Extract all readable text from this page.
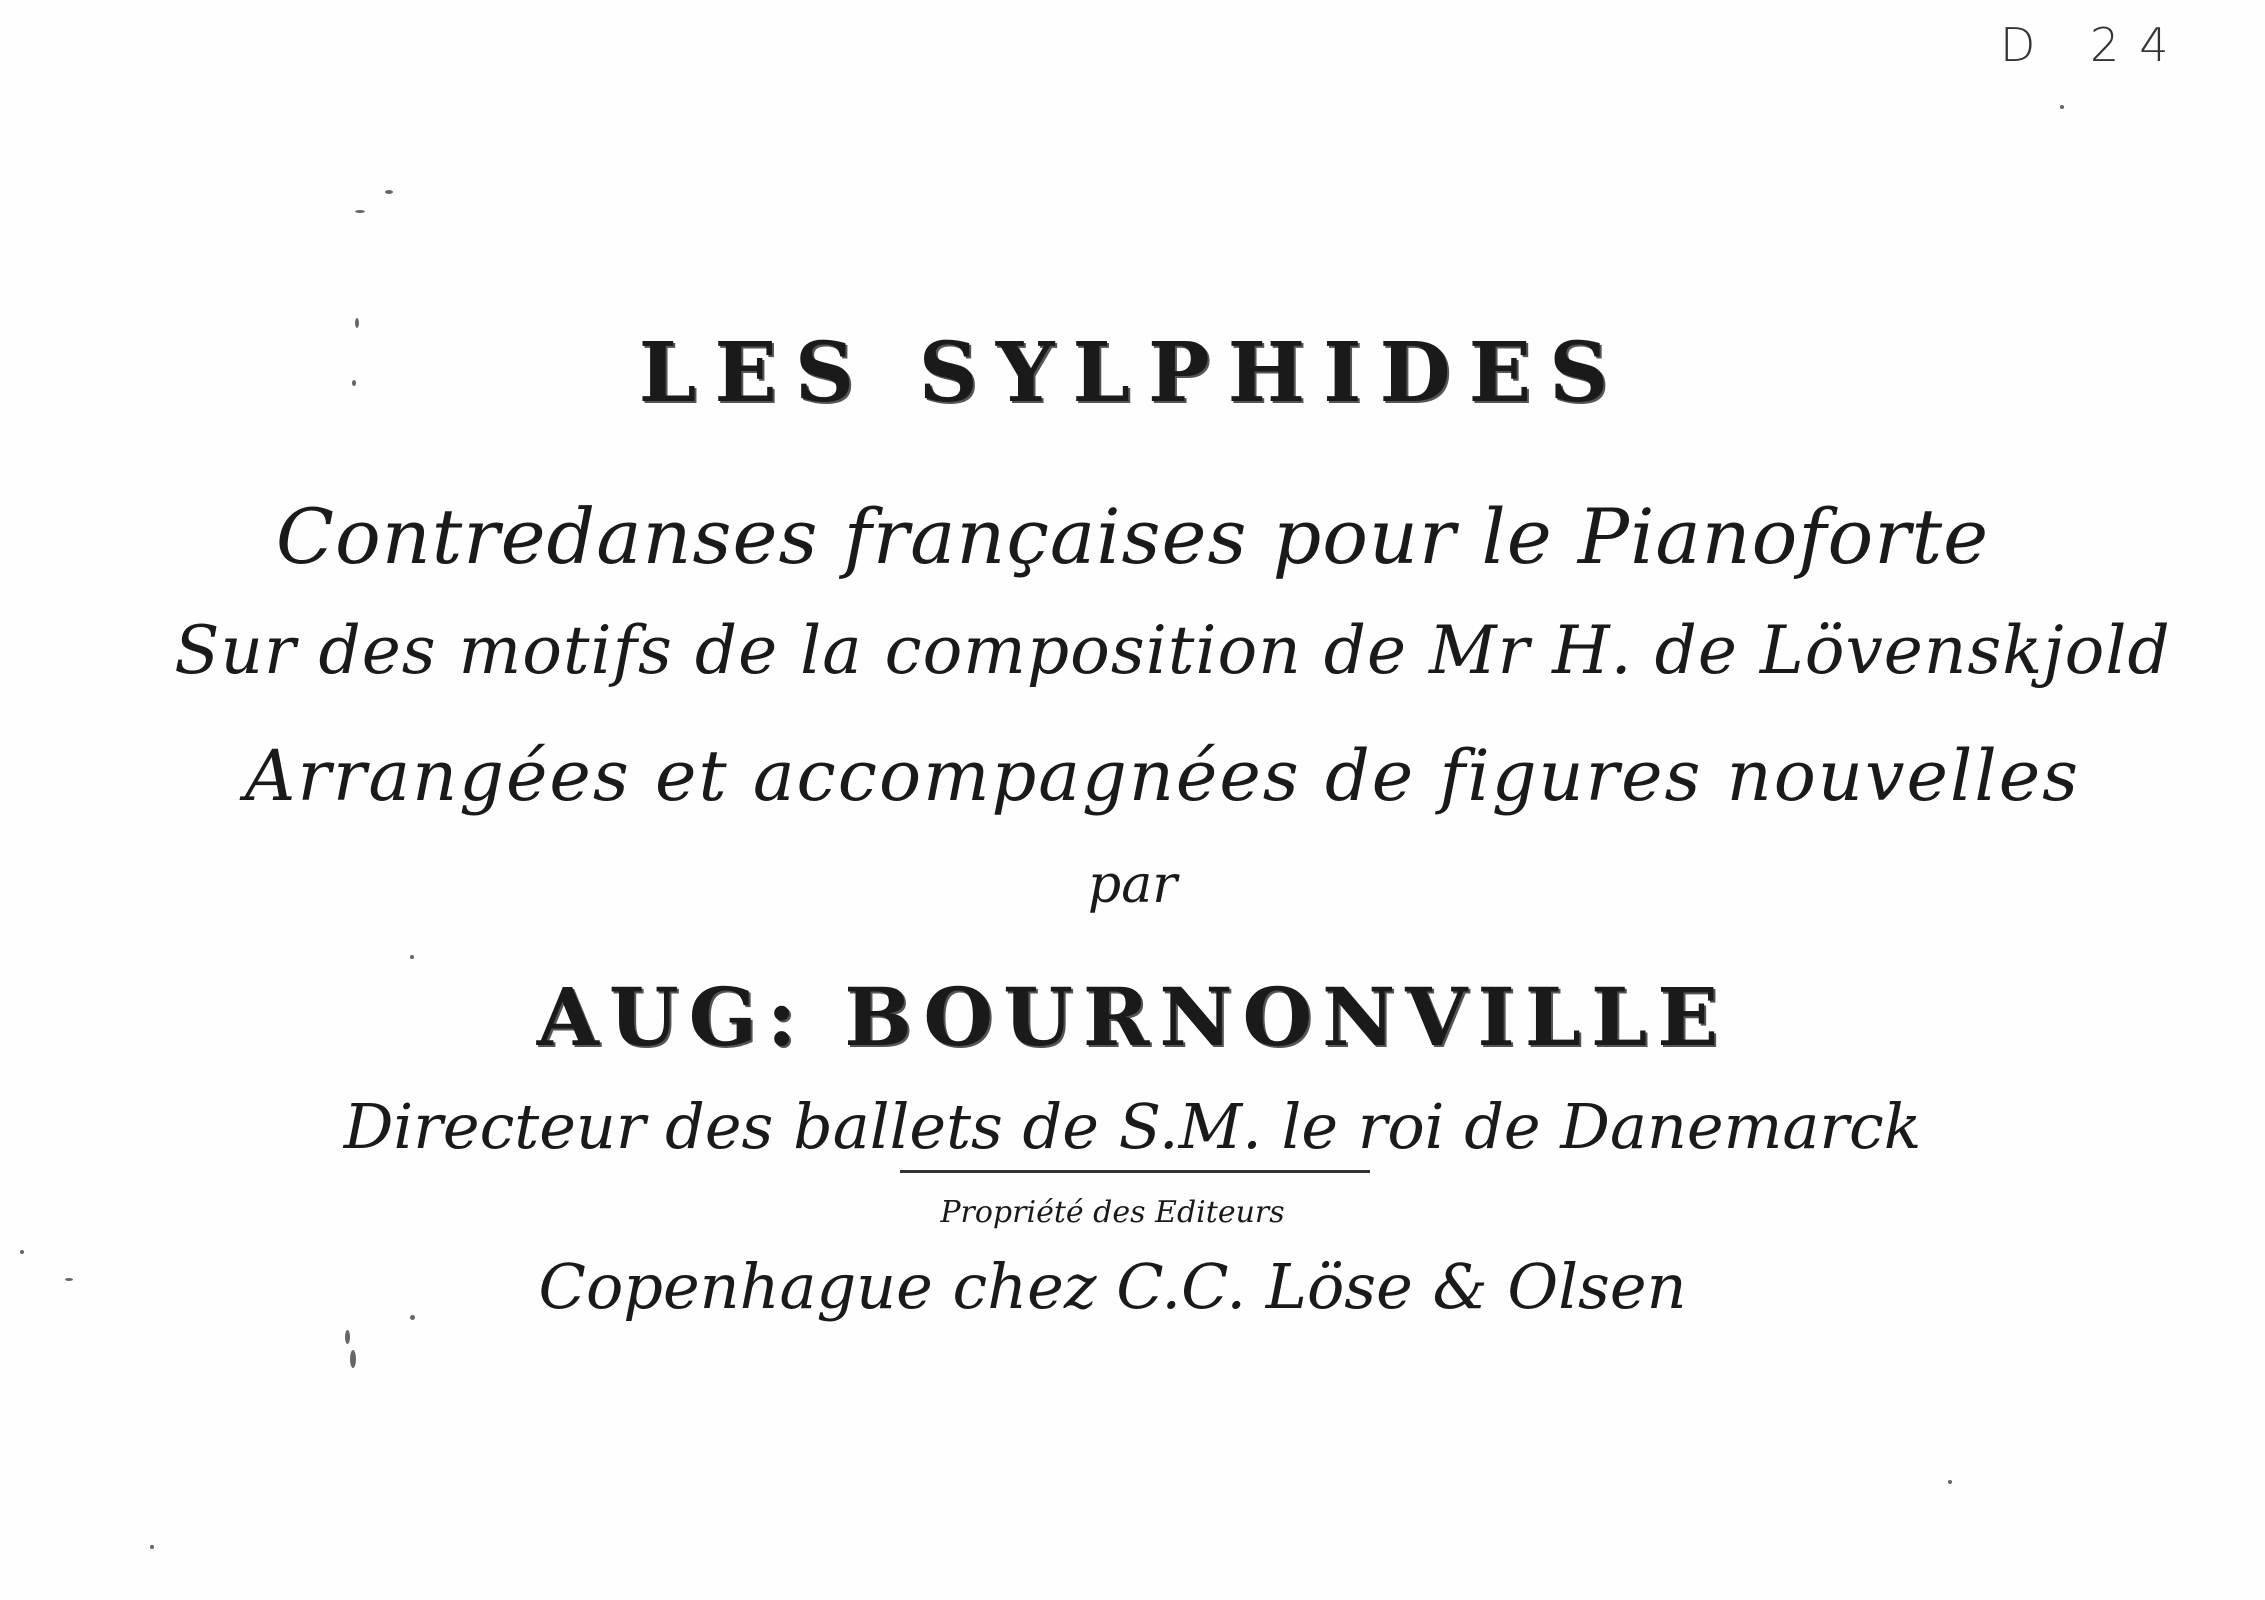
D 24
LES SYLPHIDES
Contredanses françaises pour le Pianoforte
Sur des motifs de la composition de Mr H. de Lövenskjold
Arrangées et accompagnées de figures nouvelles
par
AUG: BOURNONVILLE
Directeur des ballets de S.M. le roi de Danemarck
Propriété des Editeurs
Copenhague chez C.C. Löse & Olsen
